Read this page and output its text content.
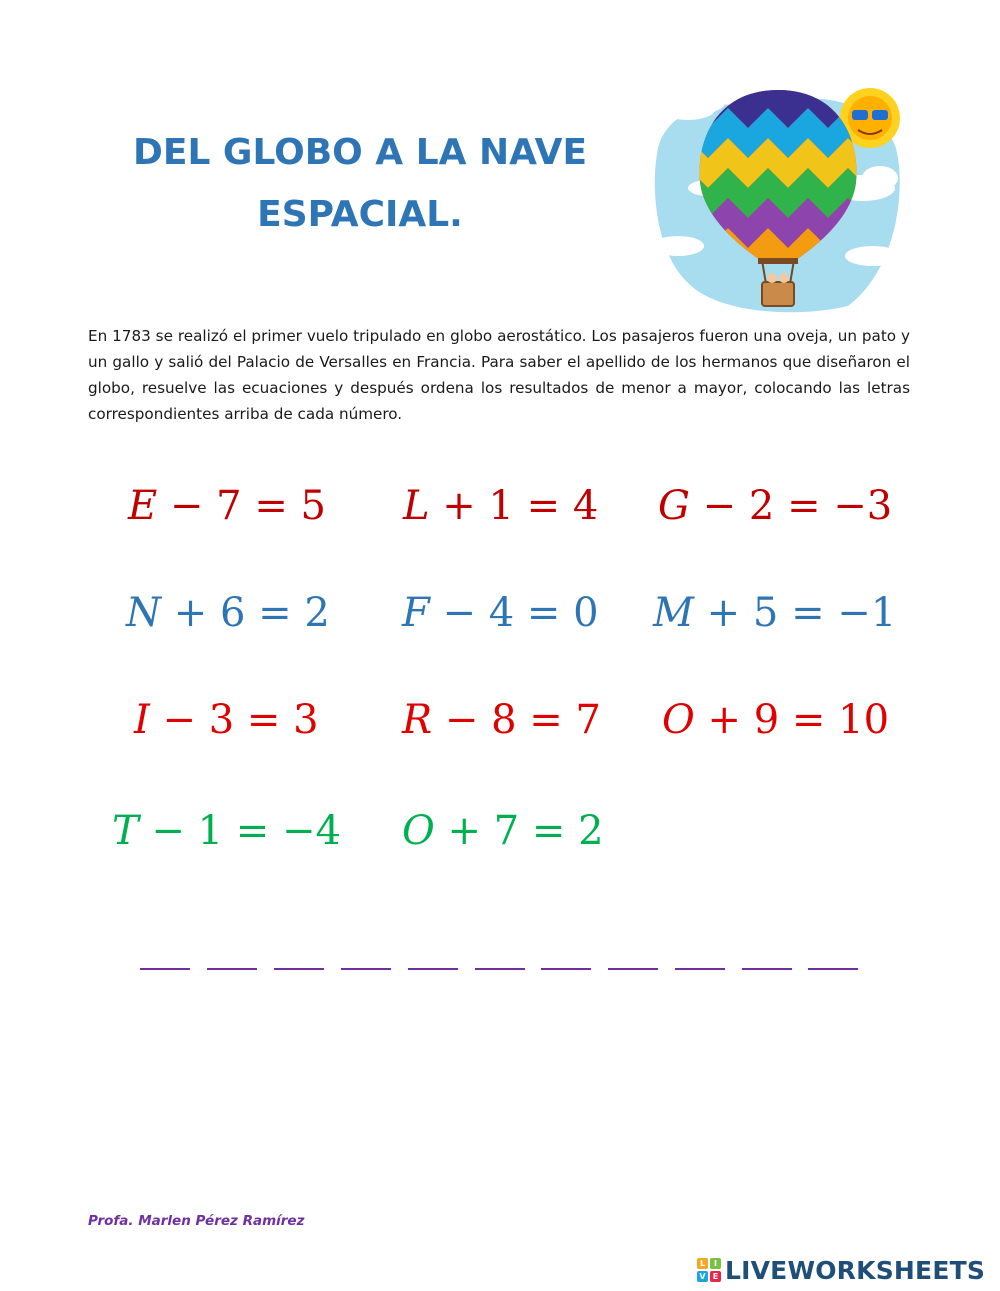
DEL GLOBO A LA NAVE
ESPACIAL.

En 1783 se realizó el primer vuelo tripulado en globo aerostático. Los pasajeros fueron una oveja, un pato y un gallo y salió del Palacio de Versalles en Francia. Para saber el apellido de los hermanos que diseñaron el globo, resuelve las ecuaciones y después ordena los resultados de menor a mayor, colocando las letras correspondientes arriba de cada número.

E − 7 = 5 L + 1 = 4 G − 2 = −3
N + 6 = 2 F − 4 = 0 M + 5 = −1
I − 3 = 3 R − 8 = 7 O + 9 = 10
T − 1 = −4 O + 7 = 2
Profa. Marlen Pérez Ramírez
L	I
V E LIVEWORKSHEETS
